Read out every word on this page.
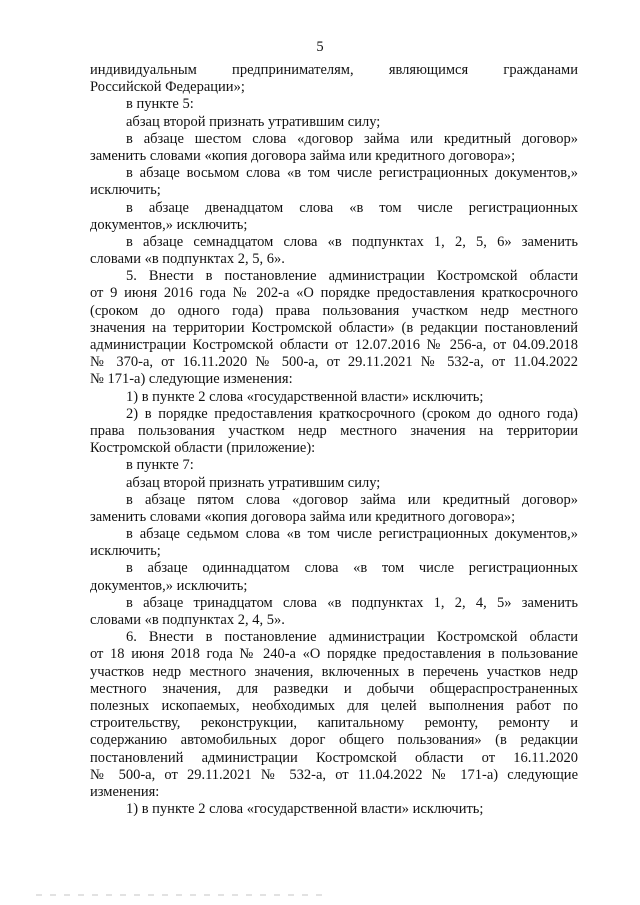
5
индивидуальным предпринимателям, являющимся гражданами
Российской Федерации»;
в пункте 5:
абзац второй признать утратившим силу;
в абзаце шестом слова «договор займа или кредитный договор»
заменить словами «копия договора займа или кредитного договора»;
в абзаце восьмом слова «в том числе регистрационных документов,»
исключить;
в абзаце двенадцатом слова «в том числе регистрационных
документов,» исключить;
в абзаце семнадцатом слова «в подпунктах 1, 2, 5, 6» заменить
словами «в подпунктах 2, 5, 6».
5. Внести в постановление администрации Костромской области
от 9 июня 2016 года № 202-а «О порядке предоставления краткосрочного
(сроком до одного года) права пользования участком недр местного
значения на территории Костромской области» (в редакции постановлений
администрации Костромской области от 12.07.2016 № 256-а, от 04.09.2018
№ 370-а, от 16.11.2020 № 500-а, от 29.11.2021 № 532-а, от 11.04.2022
№ 171-а) следующие изменения:
1) в пункте 2 слова «государственной власти» исключить;
2) в порядке предоставления краткосрочного (сроком до одного года)
права пользования участком недр местного значения на территории
Костромской области (приложение):
в пункте 7:
абзац второй признать утратившим силу;
в абзаце пятом слова «договор займа или кредитный договор»
заменить словами «копия договора займа или кредитного договора»;
в абзаце седьмом слова «в том числе регистрационных документов,»
исключить;
в абзаце одиннадцатом слова «в том числе регистрационных
документов,» исключить;
в абзаце тринадцатом слова «в подпунктах 1, 2, 4, 5» заменить
словами «в подпунктах 2, 4, 5».
6. Внести в постановление администрации Костромской области
от 18 июня 2018 года № 240-а «О порядке предоставления в пользование
участков недр местного значения, включенных в перечень участков недр
местного значения, для разведки и добычи общераспространенных
полезных ископаемых, необходимых для целей выполнения работ по
строительству, реконструкции, капитальному ремонту, ремонту и
содержанию автомобильных дорог общего пользования» (в редакции
постановлений администрации Костромской области от 16.11.2020
№ 500-а, от 29.11.2021 № 532-а, от 11.04.2022 № 171-а) следующие
изменения:
1) в пункте 2 слова «государственной власти» исключить;
